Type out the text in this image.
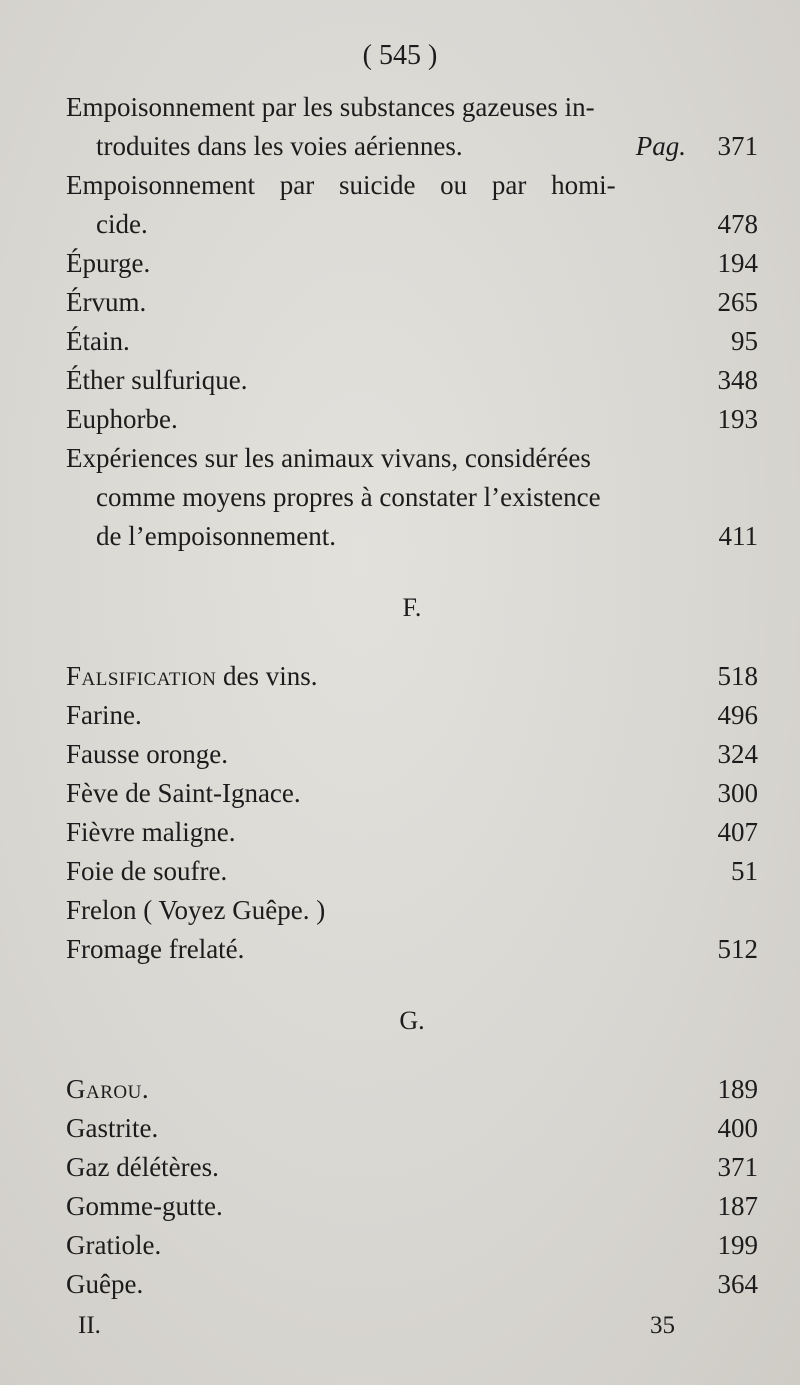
( 545 )
Empoisonnement par les substances gazeuses in-
troduites dans les voies aériennes.	Pag. 371
Empoisonnement par suicide ou par homi-
cide.	478
Épurge.	194
Érvum.	265
Étain.	95
Éther sulfurique.	348
Euphorbe.	193
Expériences sur les animaux vivans, considérées
comme moyens propres à constater l’existence
de l’empoisonnement.	411
F.
Falsification des vins.	518
Farine.	496
Fausse oronge.	324
Fève de Saint-Ignace.	300
Fièvre maligne.	407
Foie de soufre.	51
Frelon ( Voyez Guêpe. )
Fromage frelaté.	512
G.
Garou.	189
Gastrite.	400
Gaz délétères.	371
Gomme-gutte.	187
Gratiole.	199
Guêpe.	364
II.	35
